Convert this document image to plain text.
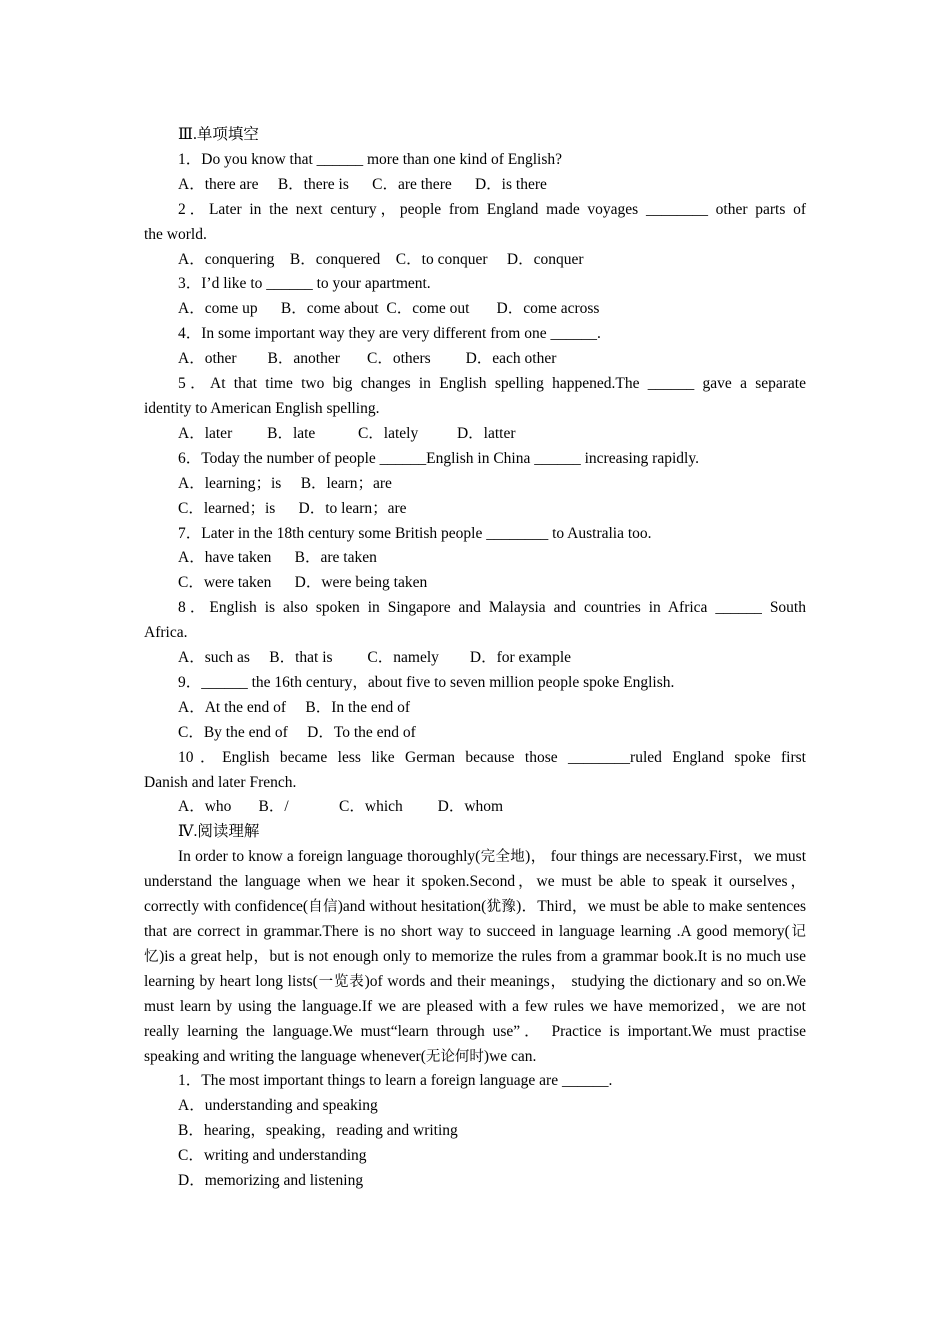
Ⅲ.单项填空
1．Do you know that ______ more than one kind of English?
A．there are     B．there is      C．are there      D．is there
2．Later in the next century，people from England made voyages ________ other parts of
the world.
A．conquering    B．conquered    C．to conquer     D．conquer
3．I’d like to ______ to your apartment.
A．come up      B．come about  C．come out       D．come across
4．In some important way they are very different from one ______.
A．other        B．another       C．others         D．each other
5．At that time two big changes in English spelling happened.The ______ gave a separate
identity to American English spelling.
A．later         B．late           C．lately          D．latter
6．Today the number of people ______English in China ______ increasing rapidly.
A．learning；is     B．learn；are
C．learned；is      D．to learn；are
7．Later in the 18th century some British people ________ to Australia too.
A．have taken      B．are taken
C．were taken      D．were being taken
8．English is also spoken in Singapore and Malaysia and countries in Africa ______ South
Africa.
A．such as     B．that is         C．namely        D．for example
9．______ the 16th century，about five to seven million people spoke English.
A．At the end of     B．In the end of
C．By the end of     D．To the end of
10．English became less like German because those ________ruled England spoke first
Danish and later French.
A．who       B．/             C．which         D．whom
Ⅳ.阅读理解
In order to know a foreign language thoroughly(完全地)， four things are necessary.First，we must understand the language when we hear it spoken.Second，we must be able to speak it ourselves， correctly with confidence(自信)and without hesitation(犹豫)．Third，we must be able to make sentences that are correct in grammar.There is no short way to succeed in language learning .A good memory(记忆)is a great help，but is not enough only to memorize the rules from a grammar book.It is no much use learning by heart long lists(一览表)of words and their meanings， studying the dictionary and so on.We must learn by using the language.If we are pleased with a few rules we have memorized，we are not really learning the language.We must“learn through use”． Practice is important.We must practise speaking and writing the language whenever(无论何时)we can.
1．The most important things to learn a foreign language are ______.
A．understanding and speaking
B．hearing，speaking，reading and writing
C．writing and understanding
D．memorizing and listening
